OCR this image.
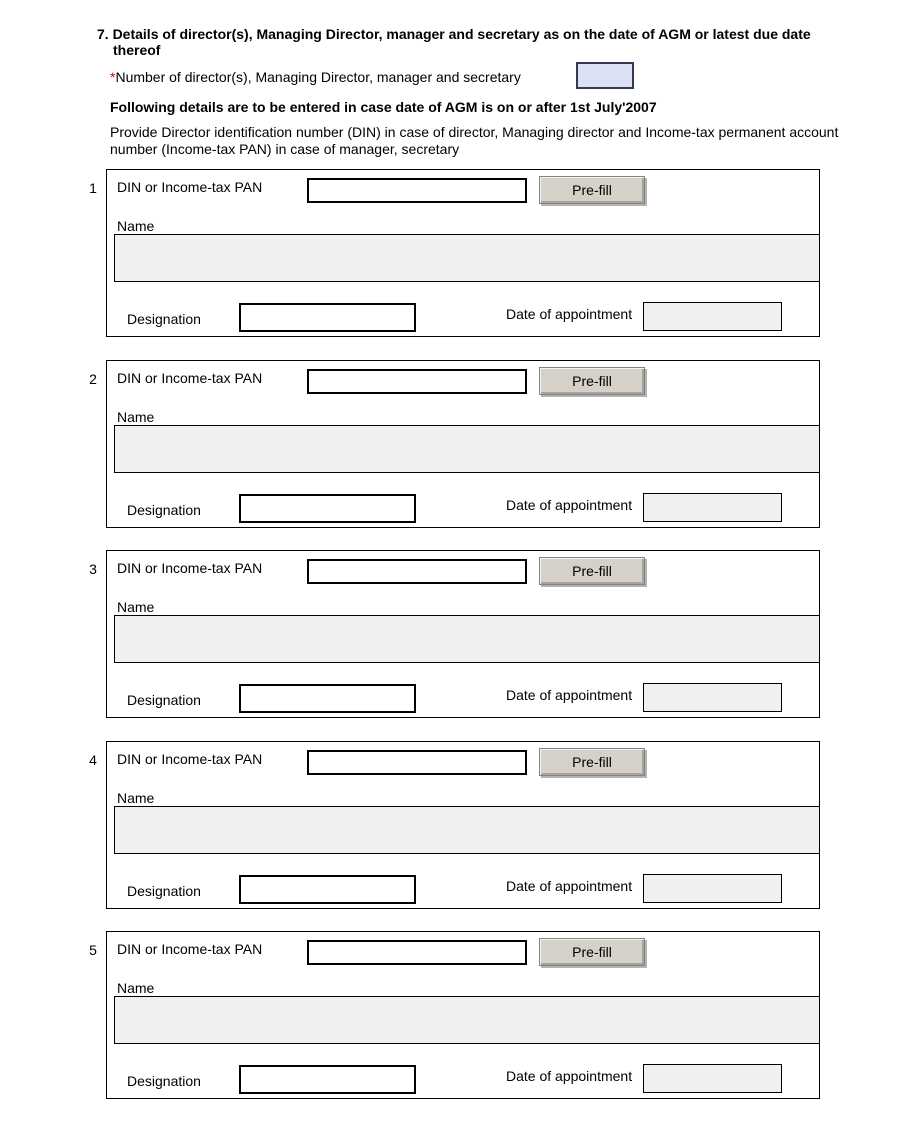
7. Details of director(s), Managing Director, manager and secretary as on the date of AGM or latest due date
thereof
*Number of director(s), Managing Director, manager and secretary
Following details are to be entered in case date of AGM is on or after 1st July'2007
Provide Director identification number (DIN) in case of director, Managing director and Income-tax permanent account
number (Income-tax PAN) in case of manager, secretary
1	DIN or Income-tax PAN	Pre-fill
Name
Designation	Date of appointment
2	DIN or Income-tax PAN	Pre-fill
Name
Designation	Date of appointment
3	DIN or Income-tax PAN	Pre-fill
Name
Designation	Date of appointment
4	DIN or Income-tax PAN	Pre-fill
Name
Designation	Date of appointment
5	DIN or Income-tax PAN	Pre-fill
Name
Designation	Date of appointment
